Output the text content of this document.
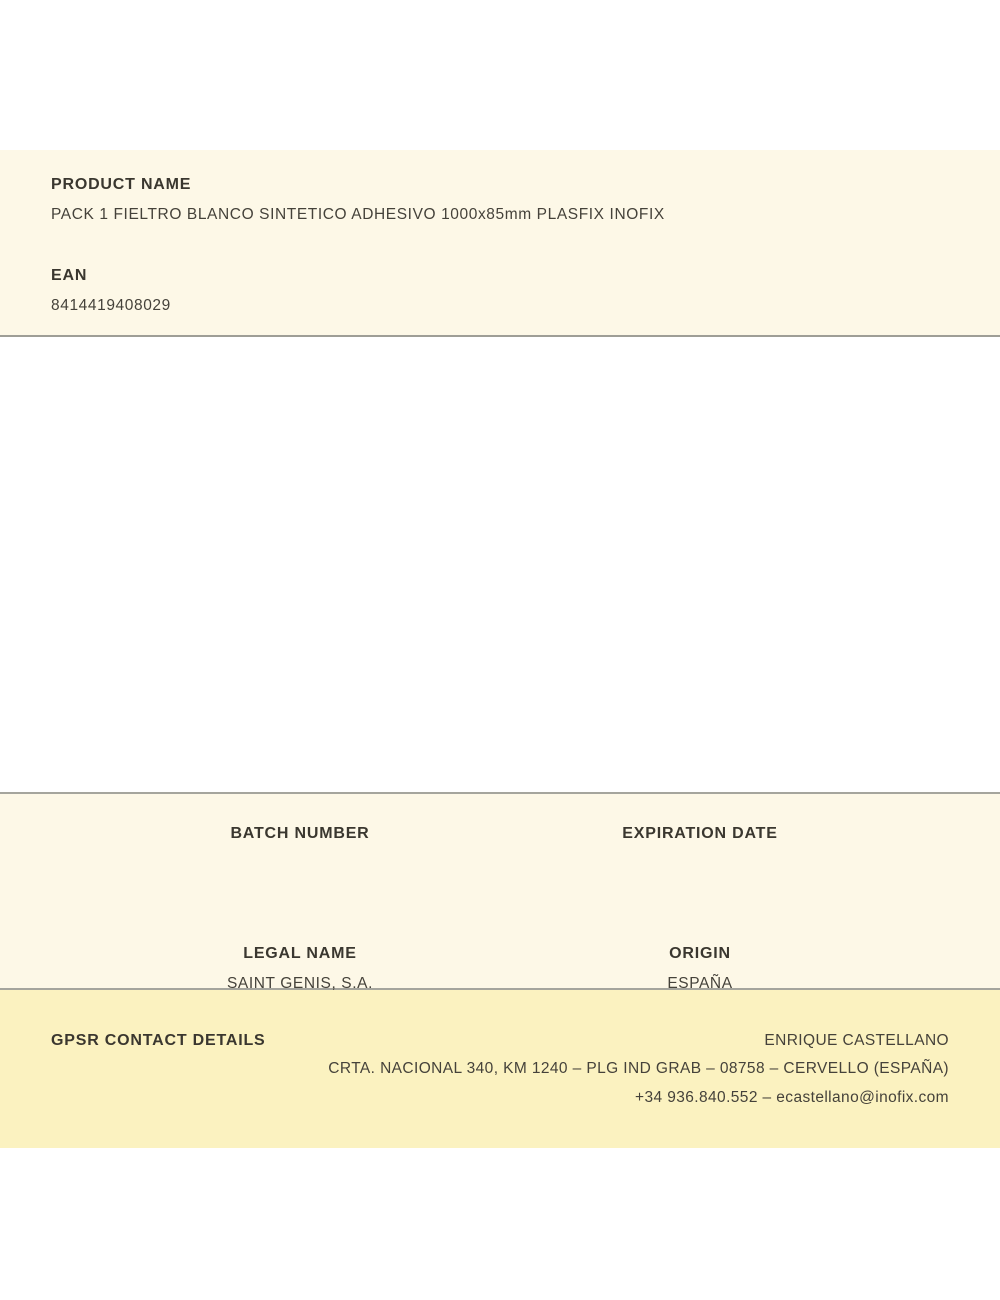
PRODUCT NAME
PACK 1 FIELTRO BLANCO SINTETICO ADHESIVO 1000x85mm PLASFIX INOFIX
EAN
8414419408029
BATCH NUMBER	EXPIRATION DATE
LEGAL NAME	ORIGIN
SAINT GENIS, S.A.	ESPAÑA
GPSR CONTACT DETAILS	ENRIQUE CASTELLANO
CRTA. NACIONAL 340, KM 1240 – PLG IND GRAB – 08758 – CERVELLO (ESPAÑA)
+34 936.840.552 – ecastellano@inofix.com
